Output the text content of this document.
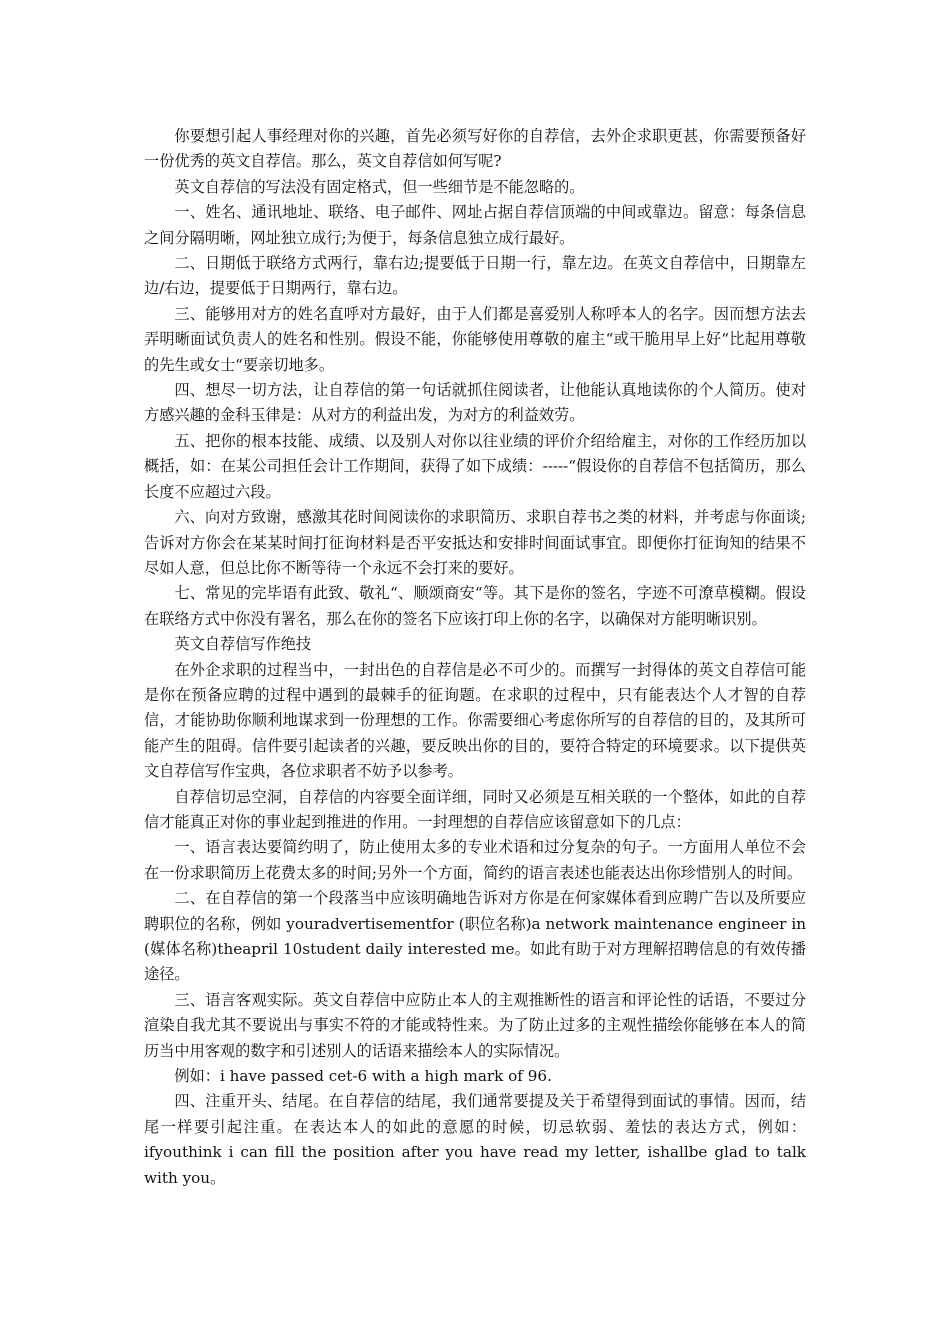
你要想引起人事经理对你的兴趣，首先必须写好你的自荐信，去外企求职更甚，你需要预备好一份优秀的英文自荐信。那么，英文自荐信如何写呢?

英文自荐信的写法没有固定格式，但一些细节是不能忽略的。

一、姓名、通讯地址、联络、电子邮件、网址占据自荐信顶端的中间或靠边。留意：每条信息之间分隔明晰，网址独立成行;为便于，每条信息独立成行最好。

二、日期低于联络方式两行，靠右边;提要低于日期一行，靠左边。在英文自荐信中，日期靠左边/右边，提要低于日期两行，靠右边。

三、能够用对方的姓名直呼对方最好，由于人们都是喜爱别人称呼本人的名字。因而想方法去弄明晰面试负责人的姓名和性别。假设不能，你能够使用尊敬的雇主“或干脆用早上好“比起用尊敬的先生或女士“要亲切地多。

四、想尽一切方法，让自荐信的第一句话就抓住阅读者，让他能认真地读你的个人简历。使对方感兴趣的金科玉律是：从对方的利益出发，为对方的利益效劳。

五、把你的根本技能、成绩、以及别人对你以往业绩的评价介绍给雇主，对你的工作经历加以概括，如：在某公司担任会计工作期间，获得了如下成绩：-----“假设你的自荐信不包括简历，那么长度不应超过六段。

六、向对方致谢，感激其花时间阅读你的求职简历、求职自荐书之类的材料，并考虑与你面谈;告诉对方你会在某某时间打征询材料是否平安抵达和安排时间面试事宜。即便你打征询知的结果不尽如人意，但总比你不断等待一个永远不会打来的要好。

七、常见的完毕语有此致、敬礼“、顺颂商安“等。其下是你的签名，字迹不可潦草模糊。假设在联络方式中你没有署名，那么在你的签名下应该打印上你的名字，以确保对方能明晰识别。

英文自荐信写作绝技

在外企求职的过程当中，一封出色的自荐信是必不可少的。而撰写一封得体的英文自荐信可能是你在预备应聘的过程中遇到的最棘手的征询题。在求职的过程中，只有能表达个人才智的自荐信，才能协助你顺利地谋求到一份理想的工作。你需要细心考虑你所写的自荐信的目的，及其所可能产生的阻碍。信件要引起读者的兴趣，要反映出你的目的，要符合特定的环境要求。以下提供英文自荐信写作宝典，各位求职者不妨予以参考。

自荐信切忌空洞，自荐信的内容要全面详细，同时又必须是互相关联的一个整体，如此的自荐信才能真正对你的事业起到推进的作用。一封理想的自荐信应该留意如下的几点：

一、语言表达要简约明了，防止使用太多的专业术语和过分复杂的句子。一方面用人单位不会在一份求职简历上花费太多的时间;另外一个方面，简约的语言表述也能表达出你珍惜别人的时间。

二、在自荐信的第一个段落当中应该明确地告诉对方你是在何家媒体看到应聘广告以及所要应聘职位的名称，例如 youradvertisementfor (职位名称)a network maintenance engineer in (媒体名称)theapril 10student daily interested me。如此有助于对方理解招聘信息的有效传播途径。

三、语言客观实际。英文自荐信中应防止本人的主观推断性的语言和评论性的话语，不要过分渲染自我尤其不要说出与事实不符的才能或特性来。为了防止过多的主观性描绘你能够在本人的简历当中用客观的数字和引述别人的话语来描绘本人的实际情况。

例如：i have passed cet-6 with a high mark of 96.

四、注重开头、结尾。在自荐信的结尾，我们通常要提及关于希望得到面试的事情。因而，结尾一样要引起注重。在表达本人的如此的意愿的时候，切忌软弱、羞怯的表达方式，例如：ifyouthink i can fill the position after you have read my letter, ishallbe glad to talk with you。
